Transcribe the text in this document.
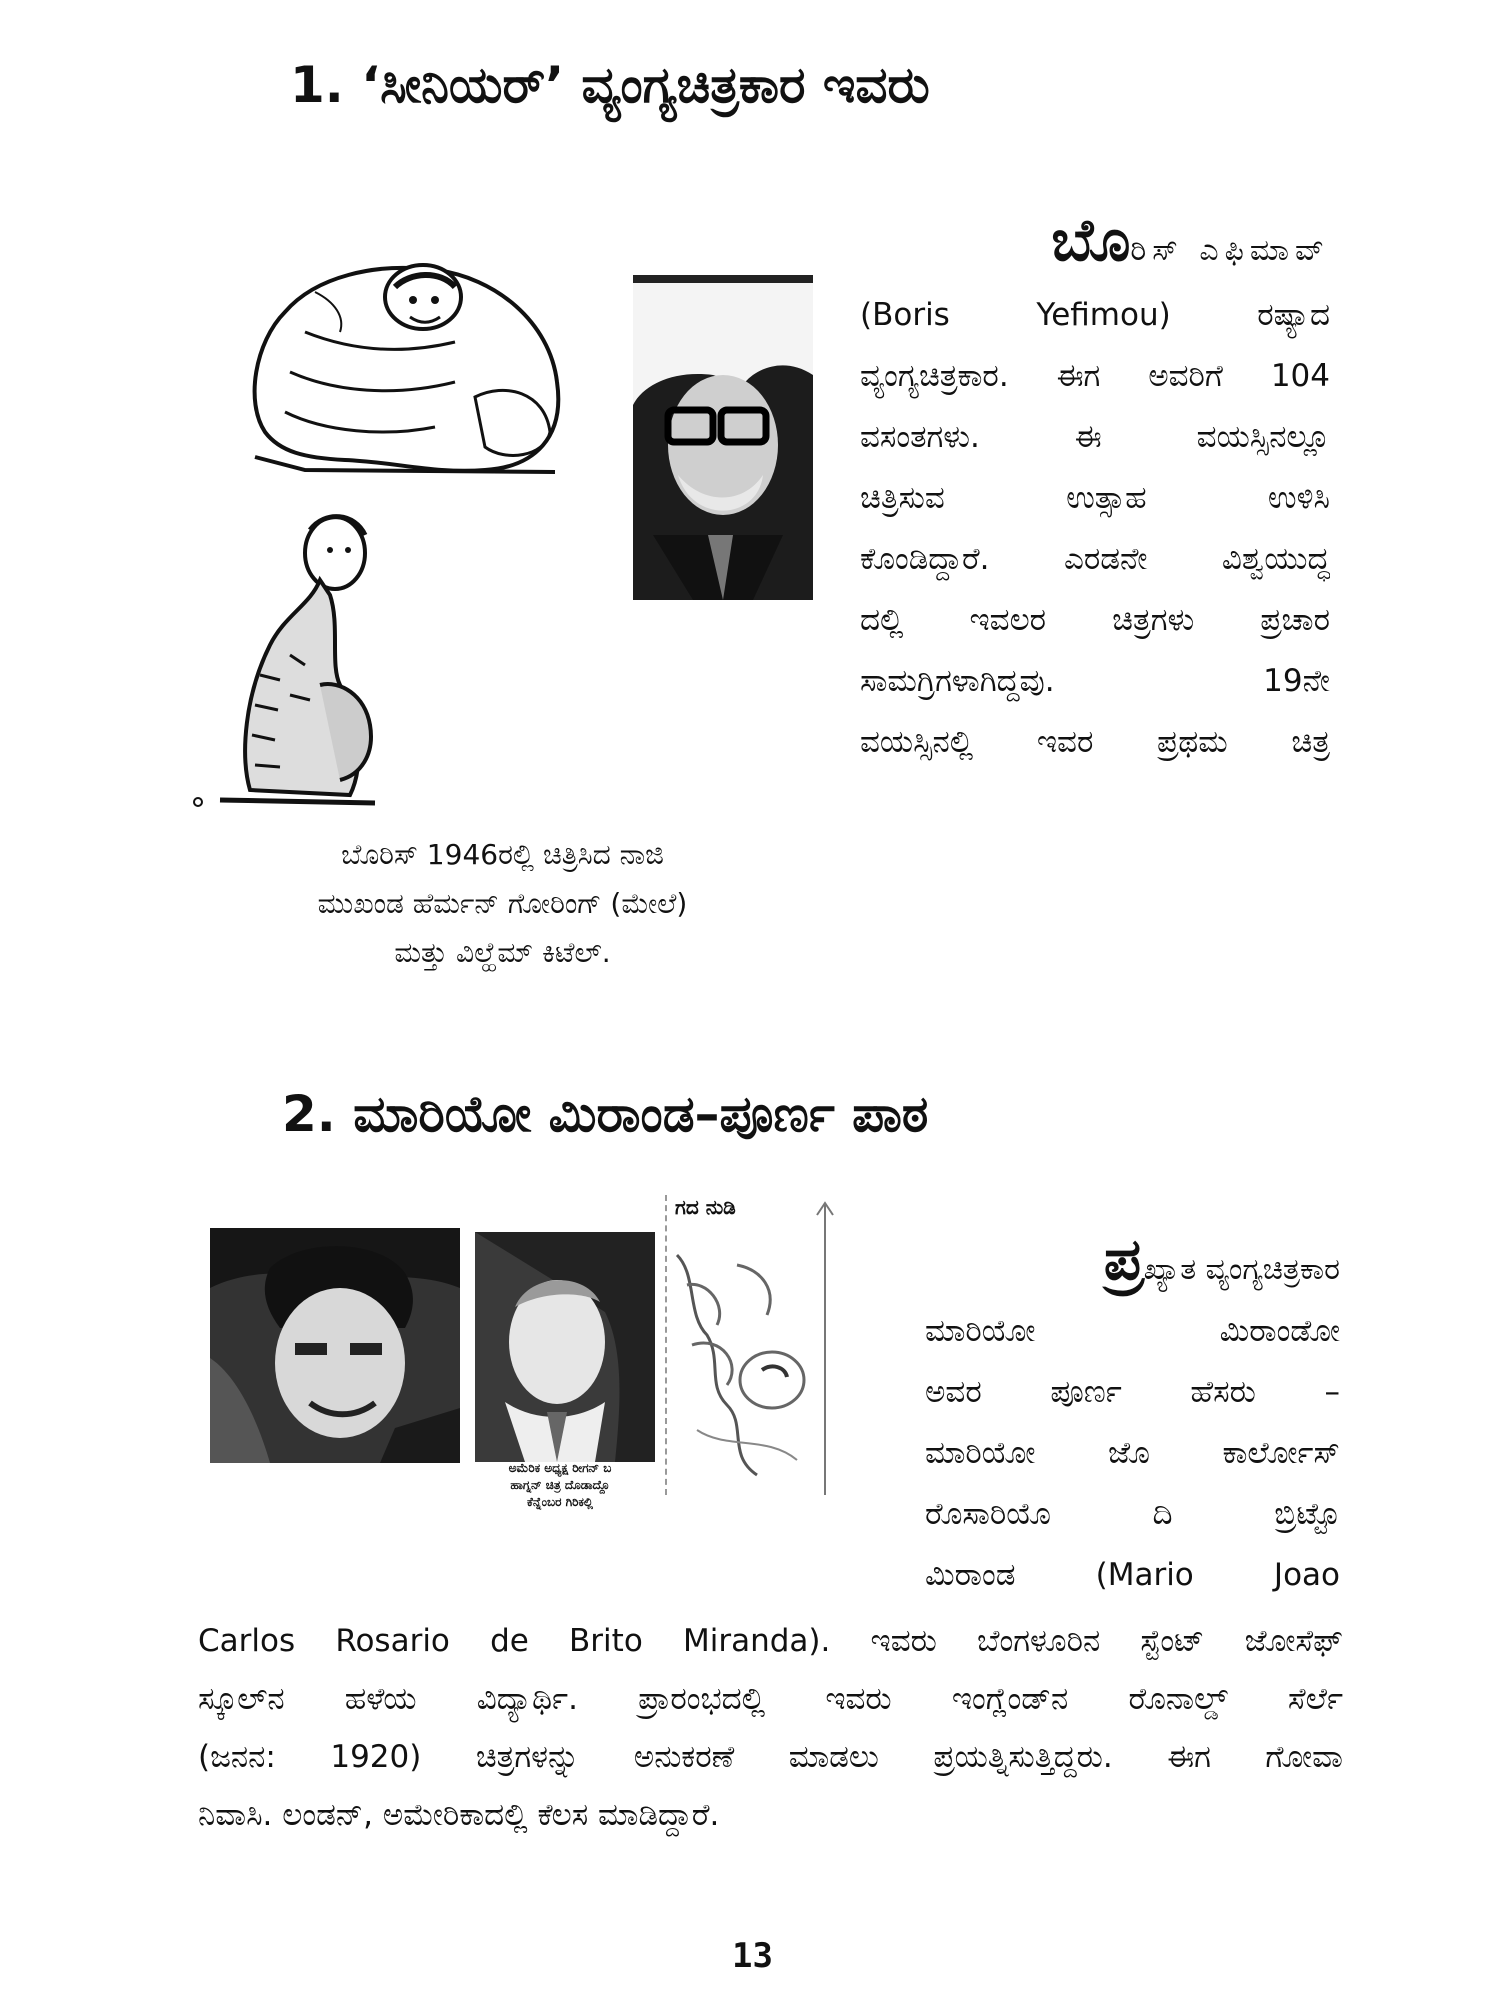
1. ‘ಸೀನಿಯರ್’ ವ್ಯಂಗ್ಯಚಿತ್ರಕಾರ ಇವರು
ಬೊರಿಸ್ ಎಫಿಮಾವ್
(Boris Yefimou) ರಷ್ಯಾದ
ವ್ಯಂಗ್ಯಚಿತ್ರಕಾರ. ಈಗ ಅವರಿಗೆ 104
ವಸಂತಗಳು. ಈ ವಯಸ್ಸಿನಲ್ಲೂ
ಚಿತ್ರಿಸುವ ಉತ್ಸಾಹ ಉಳಿಸಿ
ಕೊಂಡಿದ್ದಾರೆ. ಎರಡನೇ ವಿಶ್ವಯುದ್ಧ
ದಲ್ಲಿ ಇವಲರ ಚಿತ್ರಗಳು ಪ್ರಚಾರ
ಸಾಮಗ್ರಿಗಳಾಗಿದ್ದವು. 19ನೇ
ವಯಸ್ಸಿನಲ್ಲಿ ಇವರ ಪ್ರಥಮ ಚಿತ್ರ
ಬೊರಿಸ್ 1946ರಲ್ಲಿ ಚಿತ್ರಿಸಿದ ನಾಜಿ
ಮುಖಂಡ ಹೆರ್ಮನ್ ಗೋರಿಂಗ್ (ಮೇಲೆ)
ಮತ್ತು ವಿಲ್ಹೆಮ್ ಕಿಟೆಲ್.
2. ಮಾರಿಯೋ ಮಿರಾಂಡ–ಪೂರ್ಣ ಪಾಠ
ಅಮೆರಿಕ ಅಧ್ಯಕ್ಷ ರೀಗನ್ ಬ
ಹಾಗ್ನನ್ ಚಿತ್ರ ದೊಡಾದ್ದೊ
ಕೆನ್ನೆಂಬರ ಗಿರಿಕಲ್ಲಿ
ಗದ ನುಡಿ
ಪ್ರಖ್ಯಾತ ವ್ಯಂಗ್ಯಚಿತ್ರಕಾರ
ಮಾರಿಯೋ ಮಿರಾಂಡೋ
ಅವರ ಪೂರ್ಣ ಹೆಸರು –
ಮಾರಿಯೋ ಜೊ ಕಾರ್ಲೋಸ್
ರೊಸಾರಿಯೊ ದಿ ಬ್ರಿಟ್ಟೊ
ಮಿರಾಂಡ (Mario Joao
Carlos Rosario de Brito Miranda). ಇವರು ಬೆಂಗಳೂರಿನ ಸ್ಟೆಂಟ್ ಜೋಸೆಫ್
ಸ್ಕೂಲ್‌ನ ಹಳೆಯ ವಿದ್ಯಾರ್ಥಿ. ಪ್ರಾರಂಭದಲ್ಲಿ ಇವರು ಇಂಗ್ಲೆಂಡ್‌ನ ರೊನಾಲ್ಡ್ ಸೆರ್ಲೆ
(ಜನನ: 1920) ಚಿತ್ರಗಳನ್ನು ಅನುಕರಣೆ ಮಾಡಲು ಪ್ರಯತ್ನಿಸುತ್ತಿದ್ದರು. ಈಗ ಗೋವಾ
ನಿವಾಸಿ. ಲಂಡನ್, ಅಮೇರಿಕಾದಲ್ಲಿ ಕೆಲಸ ಮಾಡಿದ್ದಾರೆ.
13
